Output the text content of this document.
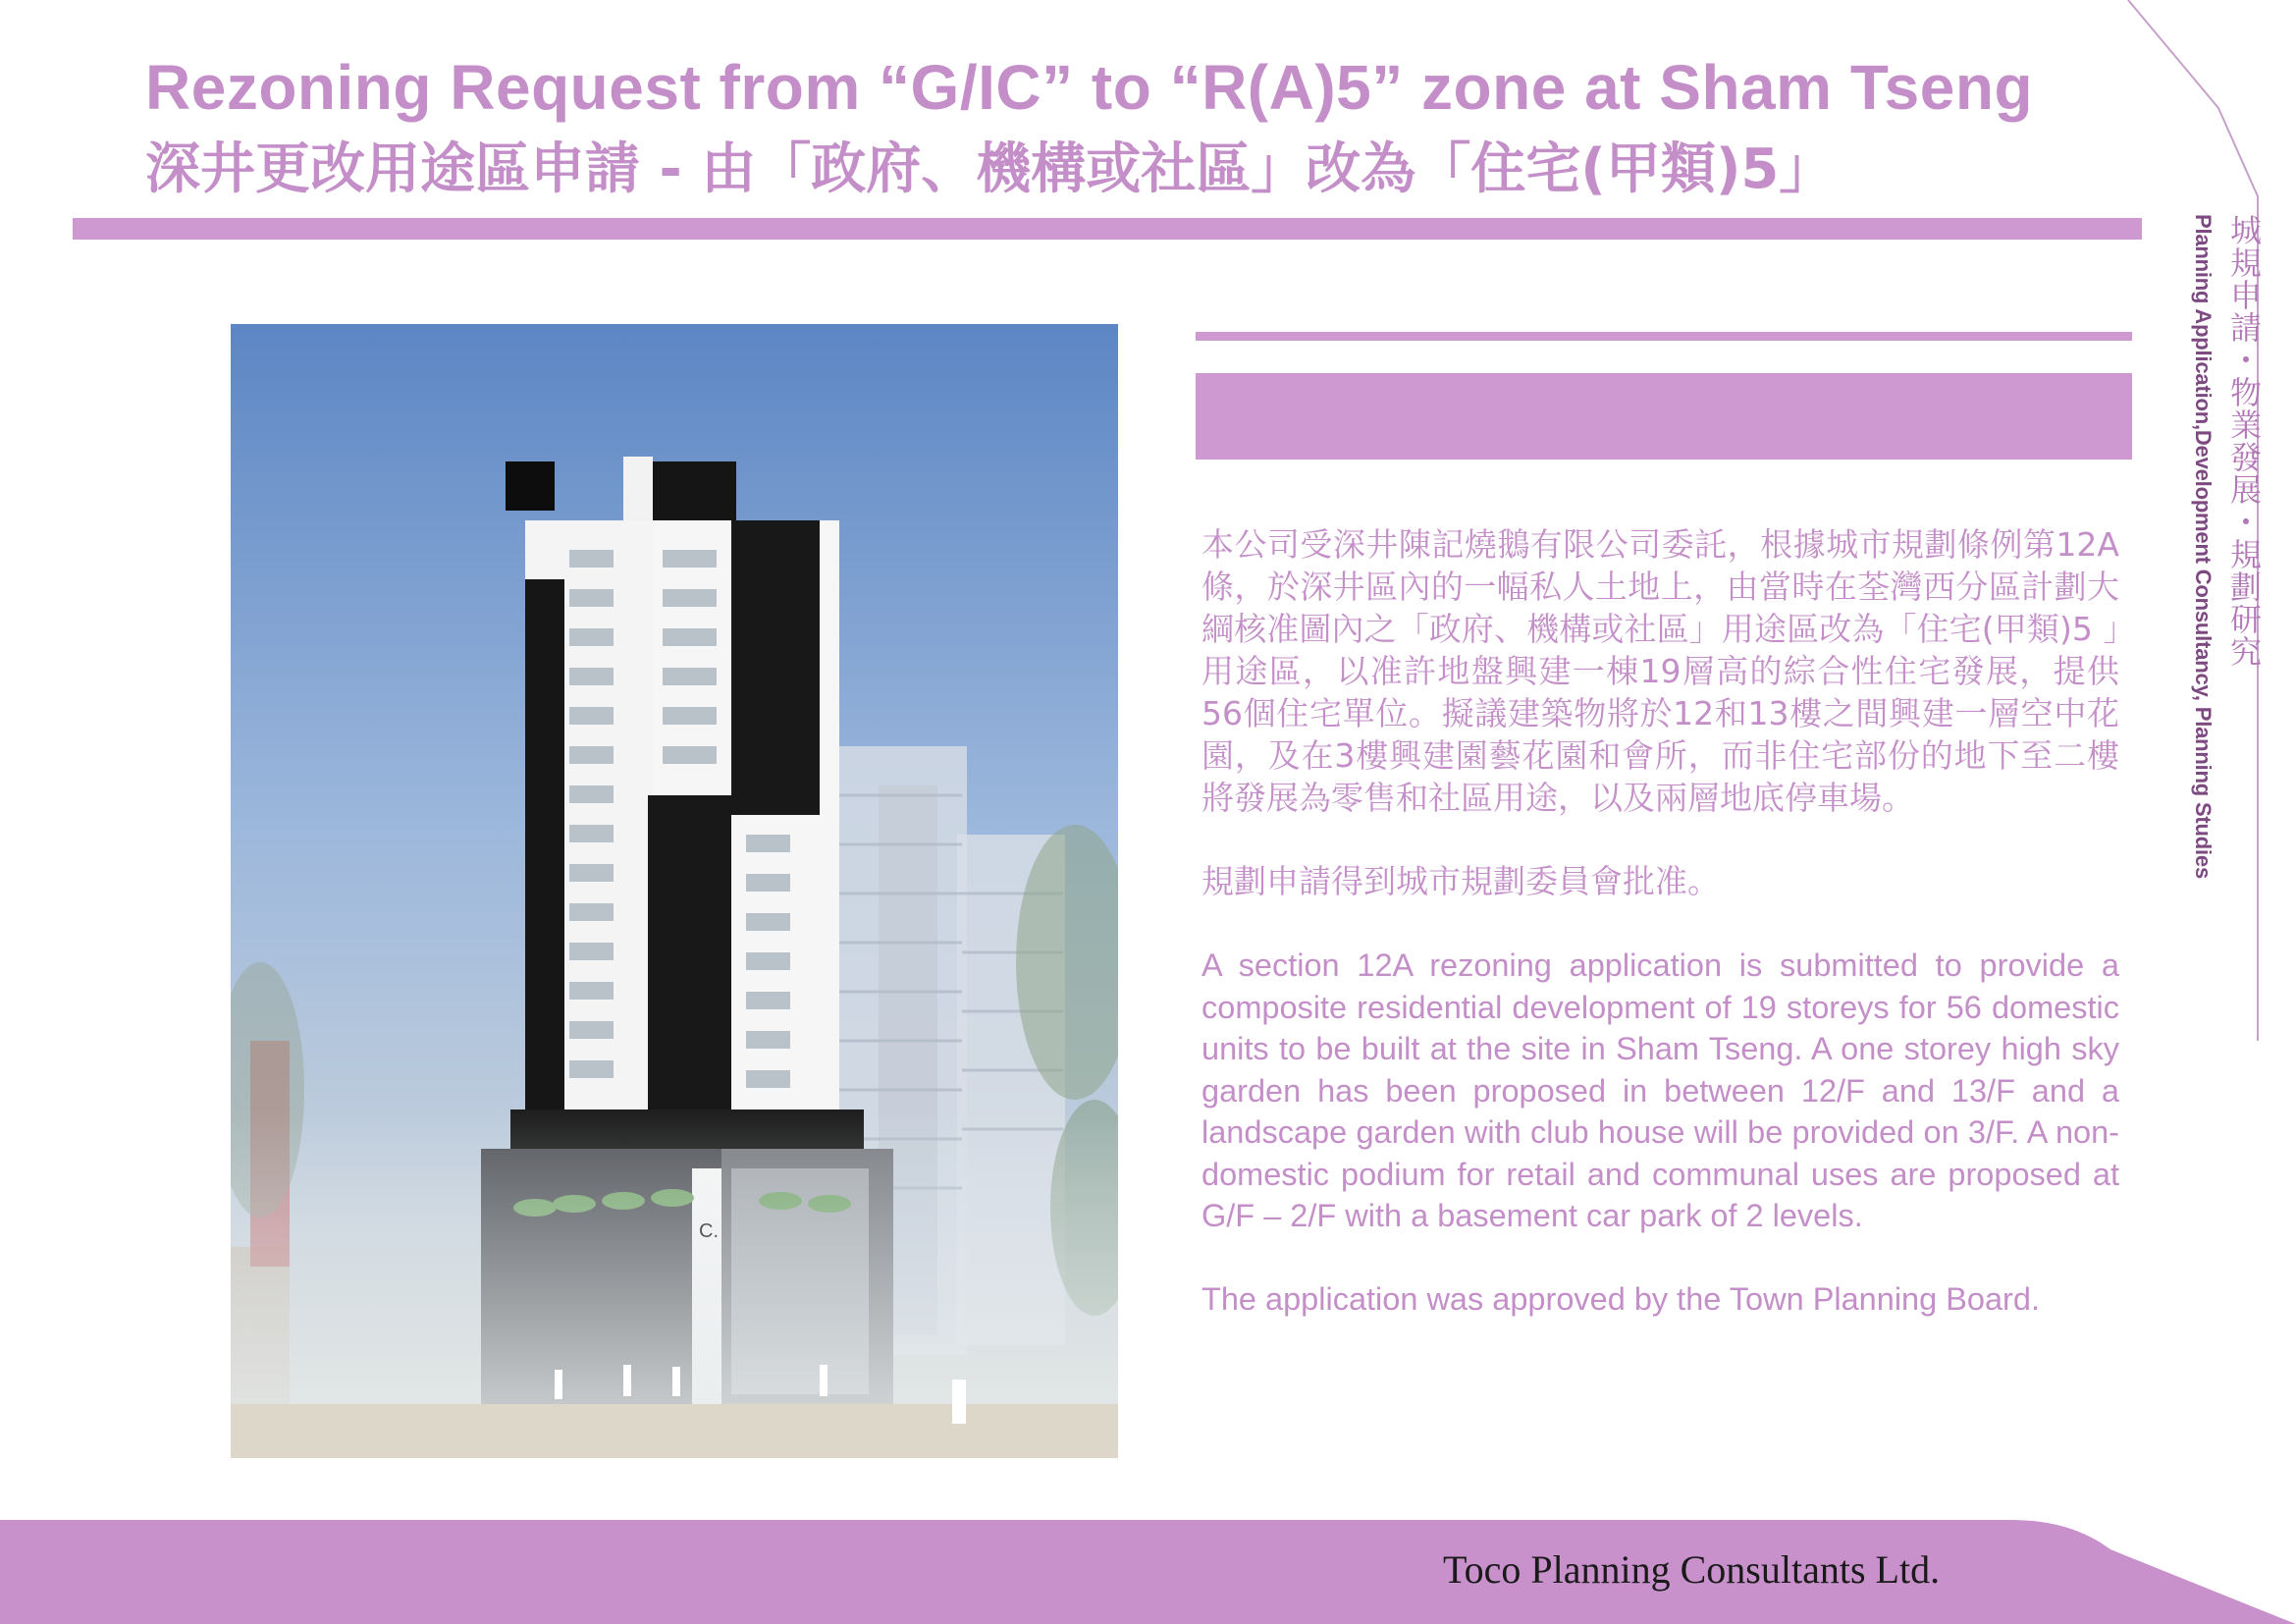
Rezoning Request from “G/IC” to “R(A)5” zone at Sham Tseng
深井更改用途區申請 - 由「政府、機構或社區」改為「住宅(甲類)5」

本公司受深井陳記燒鵝有限公司委託，根據城市規劃條例第12A條，於深井區內的一幅私人土地上，由當時在荃灣西分區計劃大綱核准圖內之「政府、機構或社區」用途區改為「住宅(甲類)5 」用途區，以准許地盤興建一棟19層高的綜合性住宅發展，提供56個住宅單位。擬議建築物將於12和13樓之間興建一層空中花園，及在3樓興建園藝花園和會所，而非住宅部份的地下至二樓將發展為零售和社區用途，以及兩層地底停車場。

規劃申請得到城市規劃委員會批准。

A section 12A rezoning application is submitted to provide a composite residential development of 19 storeys for 56 domestic units to be built at the site in Sham Tseng. A one storey high sky garden has been proposed in between 12/F and 13/F and a landscape garden with club house will be provided on 3/F. A non-domestic podium for retail and communal uses are proposed at G/F – 2/F with a basement car park of 2 levels.

The application was approved by the Town Planning Board.

城規申請・物業發展・規劃研究
Planning Application,Development Consultancy, Planning Studies
Toco Planning Consultants Ltd.
